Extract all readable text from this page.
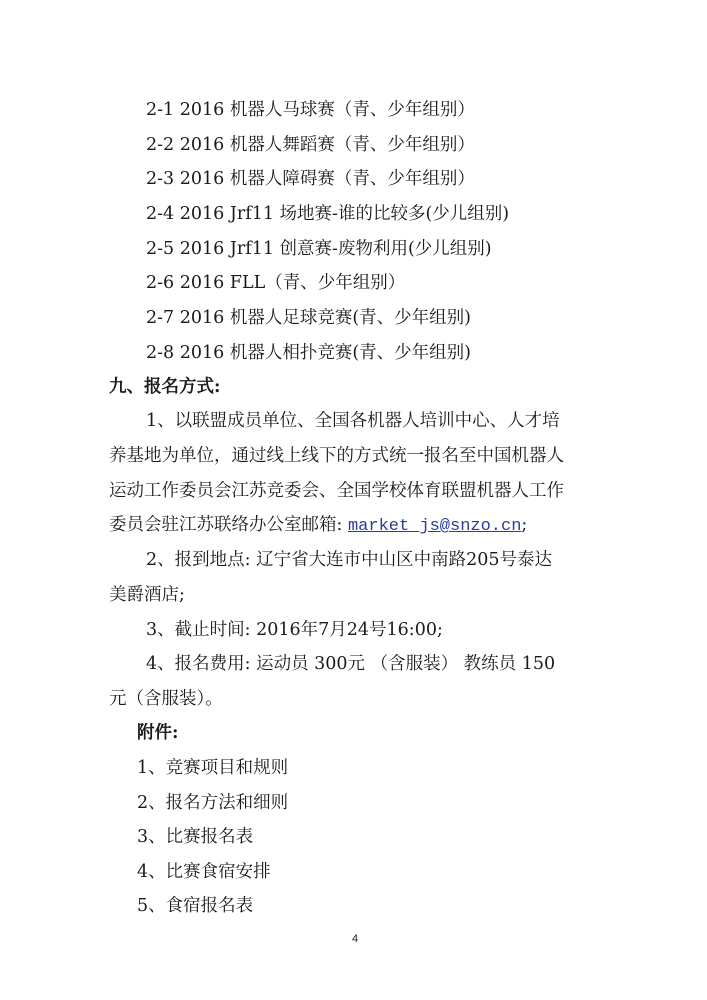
2-1 2016 机器人马球赛（青、少年组别）
2-2 2016 机器人舞蹈赛（青、少年组别）
2-3 2016 机器人障碍赛（青、少年组别）
2-4 2016 Jrf11 场地赛-谁的比较多(少儿组别)
2-5 2016 Jrf11 创意赛-废物利用(少儿组别)
2-6 2016 FLL（青、少年组别）
2-7 2016 机器人足球竞赛(青、少年组别)
2-8 2016 机器人相扑竞赛(青、少年组别)
九、报名方式:
1、以联盟成员单位、全国各机器人培训中心、人才培
养基地为单位，通过线上线下的方式统一报名至中国机器人
运动工作委员会江苏竞委会、全国学校体育联盟机器人工作
委员会驻江苏联络办公室邮箱: market_js@snzo.cn;
2、报到地点: 辽宁省大连市中山区中南路205号泰达
美爵酒店;
3、截止时间: 2016年7月24号16:00;
4、报名费用: 运动员 300元 （含服装） 教练员 150
元（含服装）。
附件:
1、竞赛项目和规则
2、报名方法和细则
3、比赛报名表
4、比赛食宿安排
5、食宿报名表
4
